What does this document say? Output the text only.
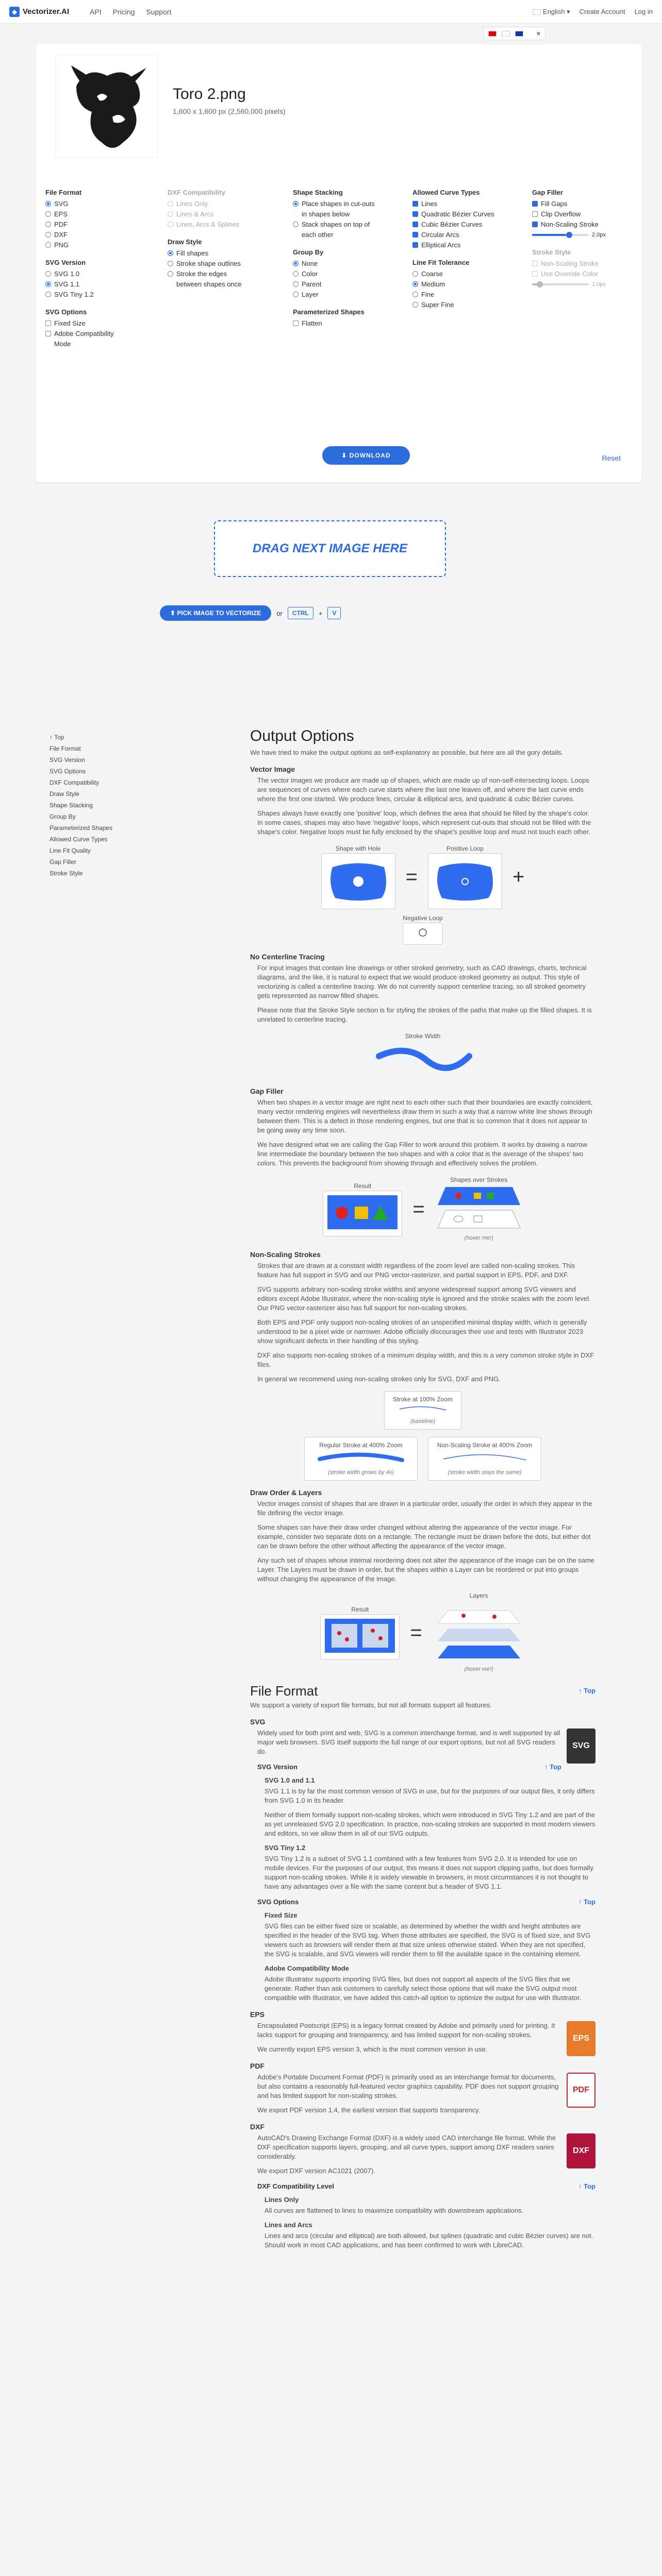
◆ Vectorizer.AI	API Pricing Support	English ▾ Create Account Log in
✕
Toro 2.png
1,600 x 1,600 px (2,560,000 pixels)
File Format
SVG
EPS
PDF
DXF
PNG
SVG Version
SVG 1.0
SVG 1.1
SVG Tiny 1.2
SVG Options
Fixed Size
Adobe Compatibility Mode
DXF Compatibility
Lines Only
Lines & Arcs
Lines, Arcs & Splines
Draw Style
Fill shapes
Stroke shape outlines
Stroke the edges between shapes once
Shape Stacking
Place shapes in cut-outs in shapes below
Stack shapes on top of each other
Group By
None
Color
Parent
Layer
Parameterized Shapes
Flatten
Allowed Curve Types
Lines
Quadratic Bézier Curves
Cubic Bézier Curves
Circular Arcs
Elliptical Arcs
Line Fit Tolerance
Coarse
Medium
Fine
Super Fine
Gap Filler
Fill Gaps
Clip Overflow
Non-Scaling Stroke
2.0px
Stroke Style
Non-Scaling Stroke
Use Override Color
1.0px
⬇ DOWNLOAD	Reset
DRAG NEXT IMAGE HERE
⬆ PICK IMAGE TO VECTORIZE or	CTRL	+	V
↑ Top
File Format
SVG Version
SVG Options
DXF Compatibility
Draw Style
Shape Stacking
Group By
Parameterized Shapes
Allowed Curve Types
Line Fit Quality
Gap Filler
Stroke Style
Output Options

We have tried to make the output options as self-explanatory as possible, but here are all the gory details.

Vector Image

The vector images we produce are made up of shapes, which are made up of non-self-intersecting loops. Loops are sequences of curves where each curve starts where the last one leaves off, and where the last curve ends where the first one started. We produce lines, circular & elliptical arcs, and quadratic & cubic Bézier curves.

Shapes always have exactly one 'positive' loop, which defines the area that should be filled by the shape's color. In some cases, shapes may also have 'negative' loops, which represent cut-outs that should not be filled with the shape's color. Negative loops must be fully enclosed by the shape's positive loop and must not touch each other.

Shape with Hole
=
Positive Loop
+
Negative Loop
No Centerline Tracing

For input images that contain line drawings or other stroked geometry, such as CAD drawings, charts, technical diagrams, and the like, it is natural to expect that we would produce stroked geometry as output. This style of vectorizing is called a centerline tracing. We do not currently support centerline tracing, so all stroked geometry gets represented as narrow filled shapes.

Please note that the Stroke Style section is for styling the strokes of the paths that make up the filled shapes. It is unrelated to centerline tracing.

Stroke Width
Gap Filler

When two shapes in a vector image are right next to each other such that their boundaries are exactly coincident, many vector rendering engines will nevertheless draw them in such a way that a narrow white line shows through between them. This is a defect in those rendering engines, but one that is so common that it does not appear to be going away any time soon.

We have designed what we are calling the Gap Filler to work around this problem. It works by drawing a narrow line intermediate the boundary between the two shapes and with a color that is the average of the shapes' two colors. This prevents the background from showing through and effectively solves the problem.

Result
=
Shapes over Strokes
(hover me!)
Non-Scaling Strokes

Strokes that are drawn at a constant width regardless of the zoom level are called non-scaling strokes. This feature has full support in SVG and our PNG vector-rasterizer, and partial support in EPS, PDF, and DXF.

SVG supports arbitrary non-scaling stroke widths and anyone widespread support among SVG viewers and editors except Adobe Illustrator, where the non-scaling style is ignored and the stroke scales with the zoom level. Our PNG vector-rasterizer also has full support for non-scaling strokes.

Both EPS and PDF only support non-scaling strokes of an unspecified minimal display width, which is generally understood to be a pixel wide or narrower. Adobe officially discourages their use and tests with Illustrator 2023 show significant defects in their handling of this styling.

DXF also supports non-scaling strokes of a minimum display width, and this is a very common stroke style in DXF files.

In general we recommend using non-scaling strokes only for SVG, DXF and PNG.

Stroke at 100% Zoom
(baseline)
Regular Stroke at 400% Zoom
(stroke width grows by 4x)
Non-Scaling Stroke at 400% Zoom
(stroke width stays the same)
Draw Order & Layers

Vector images consist of shapes that are drawn in a particular order, usually the order in which they appear in the file defining the vector image.

Some shapes can have their draw order changed without altering the appearance of the vector image. For example, consider two separate dots on a rectangle. The rectangle must be drawn before the dots, but either dot can be drawn before the other without affecting the appearance of the vector image.

Any such set of shapes whose internal reordering does not alter the appearance of the image can be on the same Layer. The Layers must be drawn in order, but the shapes within a Layer can be reordered or put into groups without changing the appearance of the image.

Result
=
Layers
(hover me!)
File Format	↑ Top

We support a variety of export file formats, but not all formats support all features.

SVG
SVG

Widely used for both print and web, SVG is a common interchange format, and is well supported by all major web browsers. SVG itself supports the full range of our export options, but not all SVG readers do.

SVG Version	↑ Top
SVG 1.0 and 1.1

SVG 1.1 is by far the most common version of SVG in use, but for the purposes of our output files, it only differs from SVG 1.0 in its header.

Neither of them formally support non-scaling strokes, which were introduced in SVG Tiny 1.2 and are part of the as yet unreleased SVG 2.0 specification. In practice, non-scaling strokes are supported in most modern viewers and editors, so we allow them in all of our SVG outputs.

SVG Tiny 1.2

SVG Tiny 1.2 is a subset of SVG 1.1 combined with a few features from SVG 2.0. It is intended for use on mobile devices. For the purposes of our output, this means it does not support clipping paths, but does formally support non-scaling strokes. While it is widely viewable in browsers, in most circumstances it is not thought to have any advantages over a file with the same content but a header of SVG 1.1.

SVG Options	↑ Top
Fixed Size

SVG files can be either fixed size or scalable, as determined by whether the width and height attributes are specified in the header of the SVG tag. When those attributes are specified, the SVG is of fixed size, and SVG viewers such as browsers will render them at that size unless otherwise stated. When they are not specified, the SVG is scalable, and SVG viewers will render them to fill the available space in the containing element.

Adobe Compatibility Mode

Adobe Illustrator supports importing SVG files, but does not support all aspects of the SVG files that we generate. Rather than ask customers to carefully select those options that will make the SVG output most compatible with Illustrator, we have added this catch-all option to optimize the output for use with Illustrator.

EPS
EPS

Encapsulated Postscript (EPS) is a legacy format created by Adobe and primarily used for printing. It lacks support for grouping and transparency, and has limited support for non-scaling strokes.

We currently export EPS version 3, which is the most common version in use.

PDF
PDF

Adobe's Portable Document Format (PDF) is primarily used as an interchange format for documents, but also contains a reasonably full-featured vector graphics capability. PDF does not support grouping and has limited support for non-scaling strokes.

We export PDF version 1.4, the earliest version that supports transparency.

DXF
DXF

AutoCAD's Drawing Exchange Format (DXF) is a widely used CAD interchange file format. While the DXF specification supports layers, grouping, and all curve types, support among DXF readers varies considerably.

We export DXF version AC1021 (2007).

DXF Compatibility Level	↑ Top
Lines Only

All curves are flattened to lines to maximize compatibility with downstream applications.

Lines and Arcs

Lines and arcs (circular and elliptical) are both allowed, but splines (quadratic and cubic Bézier curves) are not. Should work in most CAD applications, and has been confirmed to work with LibreCAD.
